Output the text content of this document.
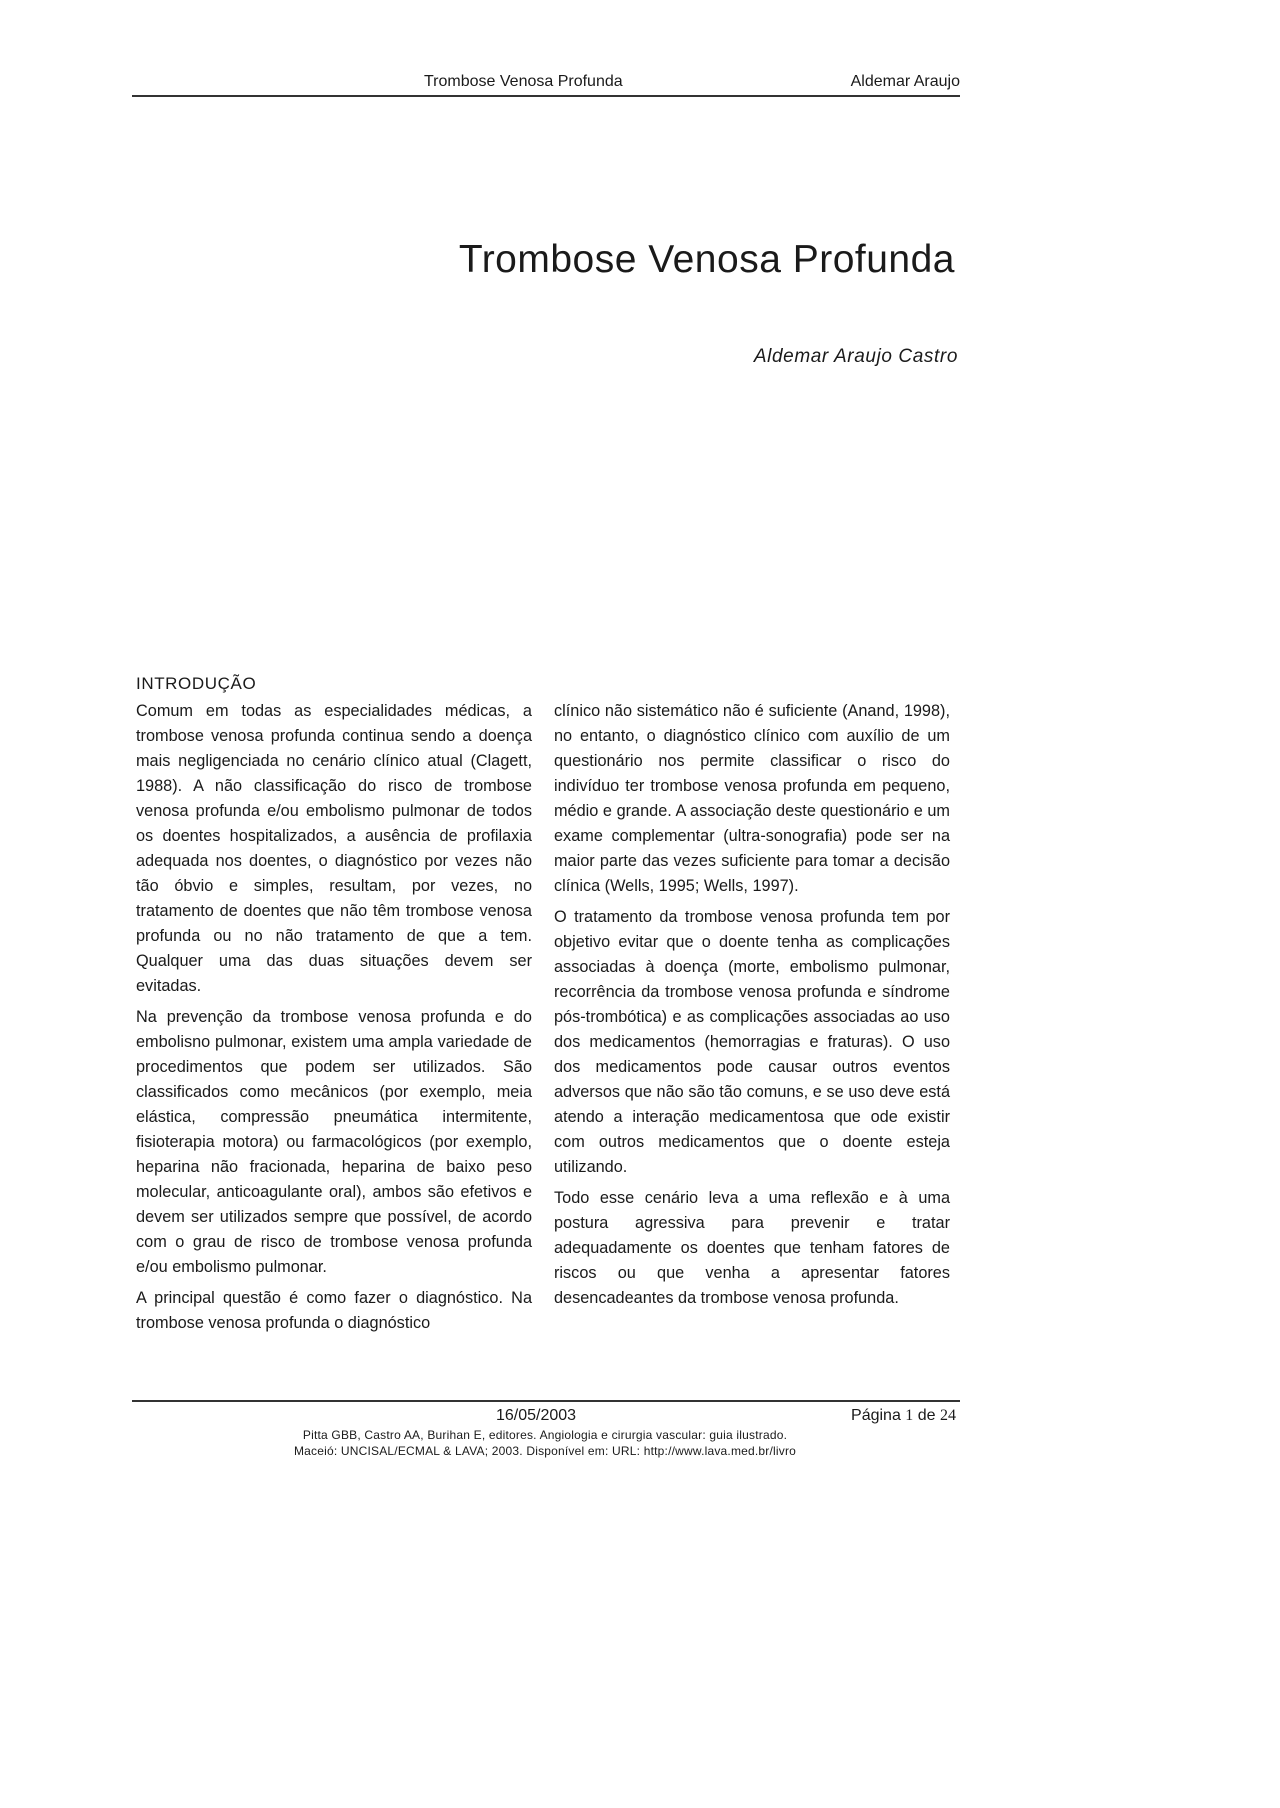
Trombose Venosa Profunda	Aldemar Araujo
Trombose Venosa Profunda
Aldemar Araujo Castro
INTRODUÇÃO

Comum em todas as especialidades médicas, a trombose venosa profunda continua sendo a doença mais negligenciada no cenário clínico atual (Clagett, 1988). A não classificação do risco de trombose venosa profunda e/ou embolismo pulmonar de todos os doentes hospitalizados, a ausência de profilaxia adequada nos doentes, o diagnóstico por vezes não tão óbvio e simples, resultam, por vezes, no tratamento de doentes que não têm trombose venosa profunda ou no não tratamento de que a tem. Qualquer uma das duas situações devem ser evitadas.

Na prevenção da trombose venosa profunda e do embolisno pulmonar, existem uma ampla variedade de procedimentos que podem ser utilizados. São classificados como mecânicos (por exemplo, meia elástica, compressão pneumática intermitente, fisioterapia motora) ou farmacológicos (por exemplo, heparina não fracionada, heparina de baixo peso molecular, anticoagulante oral), ambos são efetivos e devem ser utilizados sempre que possível, de acordo com o grau de risco de trombose venosa profunda e/ou embolismo pulmonar.

A principal questão é como fazer o diagnóstico. Na trombose venosa profunda o diagnóstico

clínico não sistemático não é suficiente (Anand, 1998), no entanto, o diagnóstico clínico com auxílio de um questionário nos permite classificar o risco do indivíduo ter trombose venosa profunda em pequeno, médio e grande. A associação deste questionário e um exame complementar (ultra-sonografia) pode ser na maior parte das vezes suficiente para tomar a decisão clínica (Wells, 1995; Wells, 1997).

O tratamento da trombose venosa profunda tem por objetivo evitar que o doente tenha as complicações associadas à doença (morte, embolismo pulmonar, recorrência da trombose venosa profunda e síndrome pós-trombótica) e as complicações associadas ao uso dos medicamentos (hemorragias e fraturas). O uso dos medicamentos pode causar outros eventos adversos que não são tão comuns, e se uso deve está atendo a interação medicamentosa que ode existir com outros medicamentos que o doente esteja utilizando.

Todo esse cenário leva a uma reflexão e à uma postura agressiva para prevenir e tratar adequadamente os doentes que tenham fatores de riscos ou que venha a apresentar fatores desencadeantes da trombose venosa profunda.

16/05/2003	Página 1 de 24
Pitta GBB, Castro AA, Burihan E, editores. Angiologia e cirurgia vascular: guia ilustrado.
Maceió: UNCISAL/ECMAL & LAVA; 2003. Disponível em: URL: http://www.lava.med.br/livro
